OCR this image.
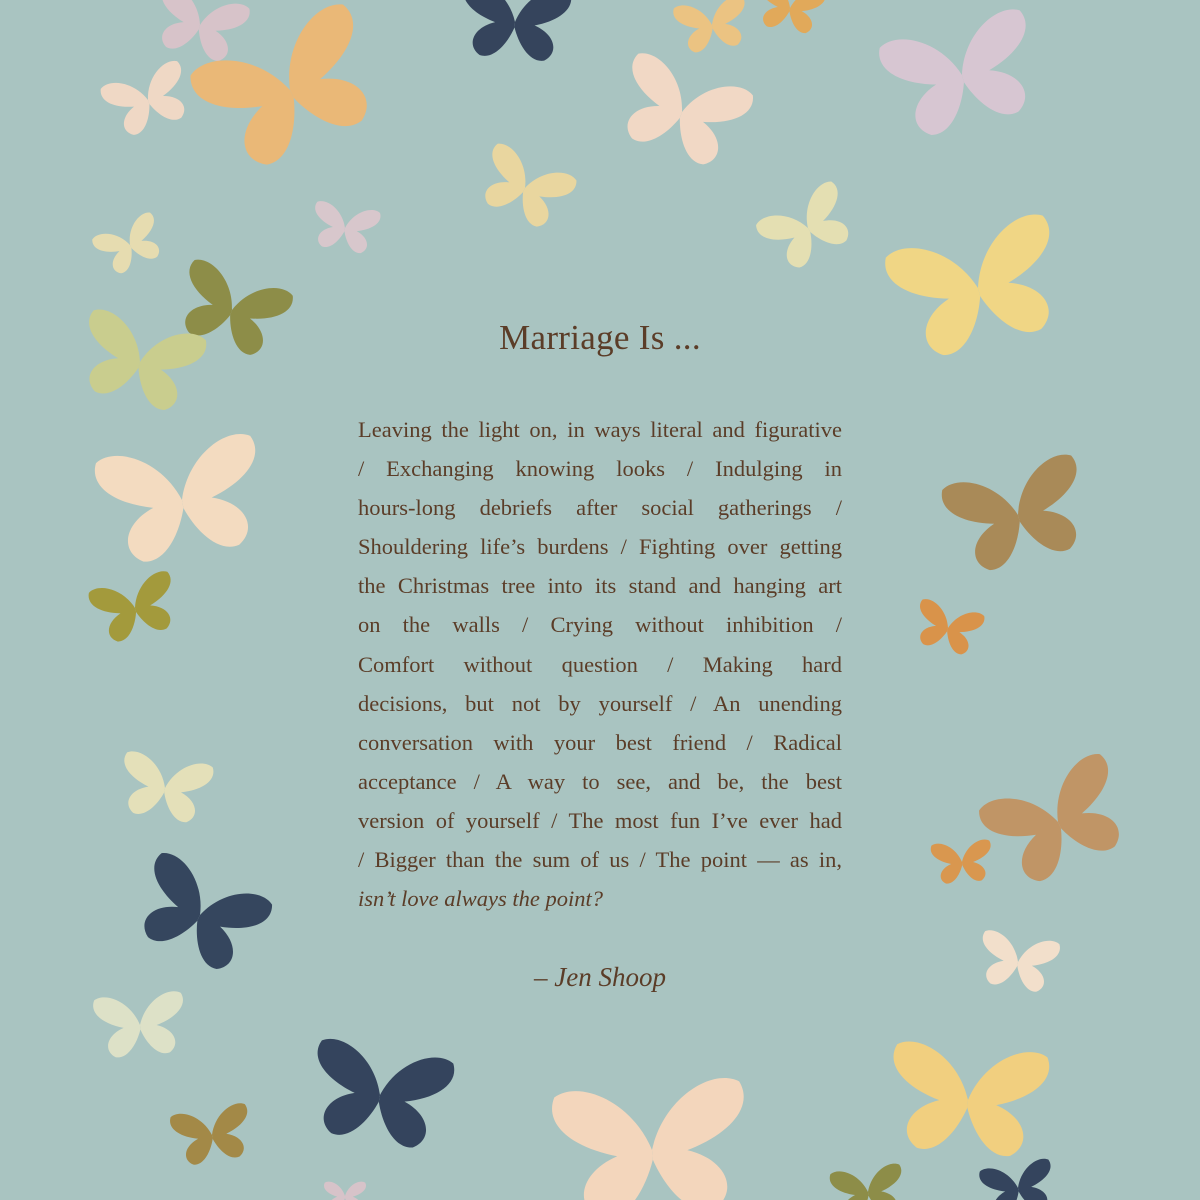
Marriage Is ...
Leaving the light on, in ways literal and figurative
/ Exchanging knowing looks / Indulging in
hours-long debriefs after social gatherings /
Shouldering life’s burdens / Fighting over getting
the Christmas tree into its stand and hanging art
on the walls / Crying without inhibition /
Comfort without question / Making hard
decisions, but not by yourself / An unending
conversation with your best friend / Radical
acceptance / A way to see, and be, the best
version of yourself / The most fun I’ve ever had
/ Bigger than the sum of us / The point — as in,
isn’t love always the point?
– Jen Shoop
